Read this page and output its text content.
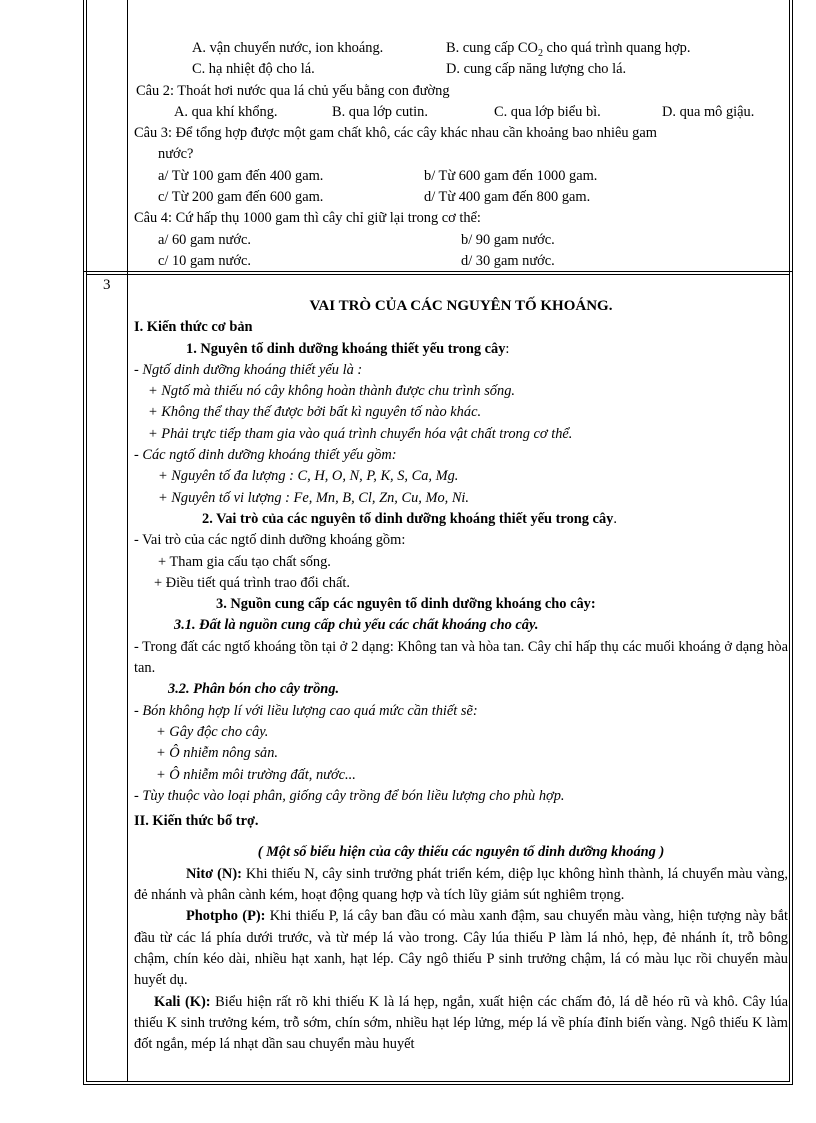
A. vận chuyển nước, ion khoáng.	B. cung cấp $CO_2$ cho quá trình quang hợp.

C. hạ nhiệt độ cho lá.	D. cung cấp năng lượng cho lá.

Câu 2: Thoát hơi nước qua lá chủ yếu bằng con đường

A. qua khí khổng.	B. qua lớp cutin.	C. qua lớp biểu bì.	D. qua mô giậu.

Câu 3: Để tổng hợp được một gam chất khô, các cây khác nhau cần khoảng bao nhiêu gam

nước?

a/ Từ 100 gam đến 400 gam.	b/ Từ 600 gam đến 1000 gam.

c/ Từ 200 gam đến 600 gam.	d/ Từ 400 gam đến 800 gam.

Câu 4: Cứ hấp thụ 1000 gam thì cây chỉ giữ lại trong cơ thể:

a/ 60 gam nước.	b/ 90 gam nước.

c/ 10 gam nước.	d/ 30 gam nước.

3

VAI TRÒ CỦA CÁC NGUYÊN TỐ KHOÁNG.

I. Kiến thức cơ bản

1. Nguyên tố dinh dưỡng khoáng thiết yếu trong cây:

- Ngtố dinh dưỡng khoáng thiết yếu là :

+ Ngtố mà thiếu nó cây không hoàn thành được chu trình sống.

+ Không thể thay thế được bởi bất kì nguyên tố nào khác.

+ Phải trực tiếp tham gia vào quá trình chuyển hóa vật chất trong cơ thể.

- Các ngtố dinh dưỡng khoáng thiết yếu gồm:

+ Nguyên tố đa lượng : C, H, O, N, P, K, S, Ca, Mg.

+ Nguyên tố vi lượng : Fe, Mn, B, Cl, Zn, Cu, Mo, Ni.

2. Vai trò của các nguyên tố dinh dưỡng khoáng thiết yếu trong cây.

- Vai trò của các ngtố dinh dưỡng khoáng gồm:

+ Tham gia cấu tạo chất sống.

+ Điều tiết quá trình trao đổi chất.

3. Nguồn cung cấp các nguyên tố dinh dưỡng khoáng cho cây:

3.1. Đất là nguồn cung cấp chủ yếu các chất khoáng cho cây.

- Trong đất các ngtố khoáng tồn tại ở 2 dạng: Không tan và hòa tan. Cây chỉ hấp thụ các muối khoáng ở dạng hòa tan.

3.2. Phân bón cho cây trồng.

- Bón không hợp lí với liều lượng cao quá mức cần thiết sẽ:

+ Gây độc cho cây.

+ Ô nhiễm nông sản.

+ Ô nhiễm môi trường đất, nước...

- Tùy thuộc vào loại phân, giống cây trồng để bón liều lượng cho phù hợp.

II. Kiến thức bổ trợ.

( Một số biểu hiện của cây thiếu các nguyên tố dinh dưỡng khoáng )

Nitơ (N): Khi thiếu N, cây sinh trưởng phát triển kém, diệp lục không hình thành, lá chuyển màu vàng, đẻ nhánh và phân cành kém, hoạt động quang hợp và tích lũy giảm sút nghiêm trọng.

Photpho (P): Khi thiếu P, lá cây ban đầu có màu xanh đậm, sau chuyển màu vàng, hiện tượng này bắt đầu từ các lá phía dưới trước, và từ mép lá vào trong. Cây lúa thiếu P làm lá nhỏ, hẹp, đẻ nhánh ít, trỗ bông chậm, chín kéo dài, nhiều hạt xanh, hạt lép. Cây ngô thiếu P sinh trưởng chậm, lá có màu lục rồi chuyển màu huyết dụ.

Kali (K): Biểu hiện rất rõ khi thiếu K là lá hẹp, ngắn, xuất hiện các chấm đỏ, lá dễ héo rũ và khô. Cây lúa thiếu K sinh trưởng kém, trỗ sớm, chín sớm, nhiều hạt lép lửng, mép lá về phía đỉnh biến vàng. Ngô thiếu K làm đốt ngắn, mép lá nhạt dần sau chuyển màu huyết
